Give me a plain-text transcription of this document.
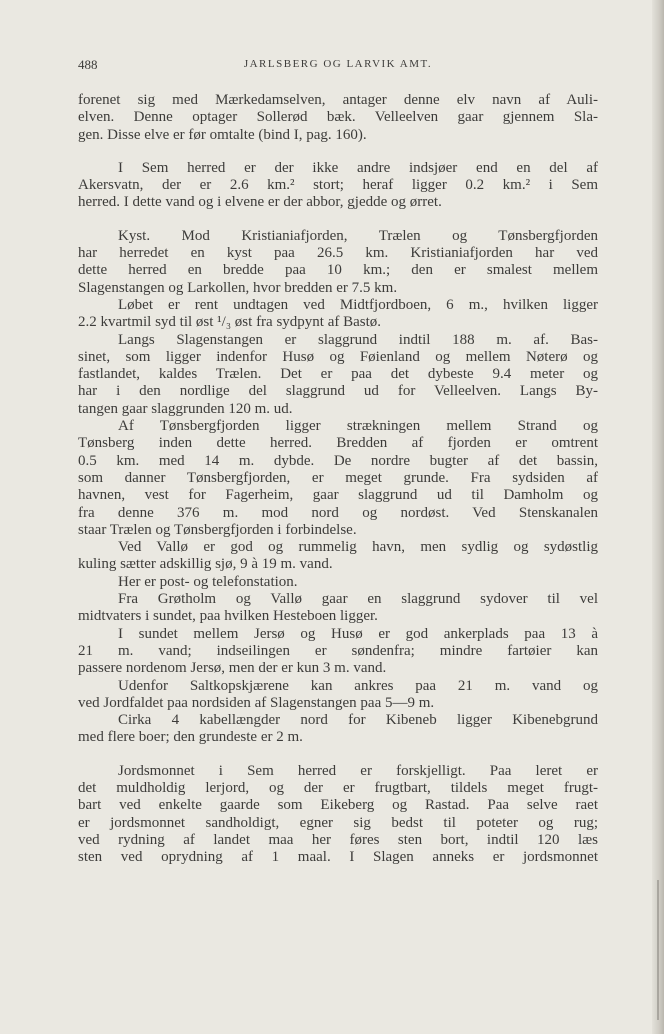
488	JARLSBERG OG LARVIK AMT.

forenet sig med Mærkedamselven, antager denne elv navn af Auli-

elven. Denne optager Sollerød bæk. Velleelven gaar gjennem Sla-

gen. Disse elve er før omtalte (bind I, pag. 160).

I Sem herred er der ikke andre indsjøer end en del af

Akersvatn, der er 2.6 km.² stort; heraf ligger 0.2 km.² i Sem

herred. I dette vand og i elvene er der abbor, gjedde og ørret.

Kyst. Mod Kristianiafjorden, Trælen og Tønsbergfjorden

har herredet en kyst paa 26.5 km. Kristianiafjorden har ved

dette herred en bredde paa 10 km.; den er smalest mellem

Slagenstangen og Larkollen, hvor bredden er 7.5 km.

Løbet er rent undtagen ved Midtfjordboen, 6 m., hvilken ligger

2.2 kvartmil syd til øst ¹/₃ øst fra sydpynt af Bastø.

Langs Slagenstangen er slaggrund indtil 188 m. af. Bas-

sinet, som ligger indenfor Husø og Føienland og mellem Nøterø og

fastlandet, kaldes Trælen. Det er paa det dybeste 9.4 meter og

har i den nordlige del slaggrund ud for Velleelven. Langs By-

tangen gaar slaggrunden 120 m. ud.

Af Tønsbergfjorden ligger strækningen mellem Strand og

Tønsberg inden dette herred. Bredden af fjorden er omtrent

0.5 km. med 14 m. dybde. De nordre bugter af det bassin,

som danner Tønsbergfjorden, er meget grunde. Fra sydsiden af

havnen, vest for Fagerheim, gaar slaggrund ud til Damholm og

fra denne 376 m. mod nord og nordøst. Ved Stenskanalen

staar Trælen og Tønsbergfjorden i forbindelse.

Ved Vallø er god og rummelig havn, men sydlig og sydøstlig

kuling sætter adskillig sjø, 9 à 19 m. vand.

Her er post- og telefonstation.

Fra Grøtholm og Vallø gaar en slaggrund sydover til vel

midtvaters i sundet, paa hvilken Hesteboen ligger.

I sundet mellem Jersø og Husø er god ankerplads paa 13 à

21 m. vand; indseilingen er søndenfra; mindre fartøier kan

passere nordenom Jersø, men der er kun 3 m. vand.

Udenfor Saltkopskjærene kan ankres paa 21 m. vand og

ved Jordfaldet paa nordsiden af Slagenstangen paa 5—9 m.

Cirka 4 kabellængder nord for Kibeneb ligger Kibenebgrund

med flere boer; den grundeste er 2 m.

Jordsmonnet i Sem herred er forskjelligt. Paa leret er

det muldholdig lerjord, og der er frugtbart, tildels meget frugt-

bart ved enkelte gaarde som Eikeberg og Rastad. Paa selve raet

er jordsmonnet sandholdigt, egner sig bedst til poteter og rug;

ved rydning af landet maa her føres sten bort, indtil 120 læs

sten ved oprydning af 1 maal. I Slagen anneks er jordsmonnet
